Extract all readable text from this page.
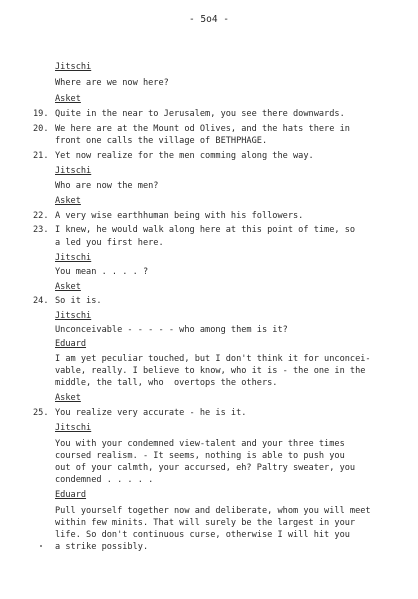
- 5o4 -
Jitschi
Where are we now here?
Asket
19. Quite in the near to Jerusalem, you see there downwards.
20. We here are at the Mount od Olives, and the hats there in
front one calls the village of BETHPHAGE.
21. Yet now realize for the men comming along the way.
Jitschi
Who are now the men?
Asket
22. A very wise earthhuman being with his followers.
23. I knew, he would walk along here at this point of time, so
a led you first here.
Jitschi
You mean . . . . ?
Asket
24. So it is.
Jitschi
Unconceivable - - - - - who among them is it?
Eduard
I am yet peculiar touched, but I don't think it for unconcei-
vable, really. I believe to know, who it is - the one in the
middle, the tall, who  overtops the others.
Asket
25. You realize very accurate - he is it.
Jitschi
You with your condemned view-talent and your three times
coursed realism. - It seems, nothing is able to push you
out of your calmth, your accursed, eh? Paltry sweater, you
condemned . . . . .
Eduard
Pull yourself together now and deliberate, whom you will meet
within few minits. That will surely be the largest in your
life. So don't continuous curse, otherwise I will hit you
a strike possibly.
